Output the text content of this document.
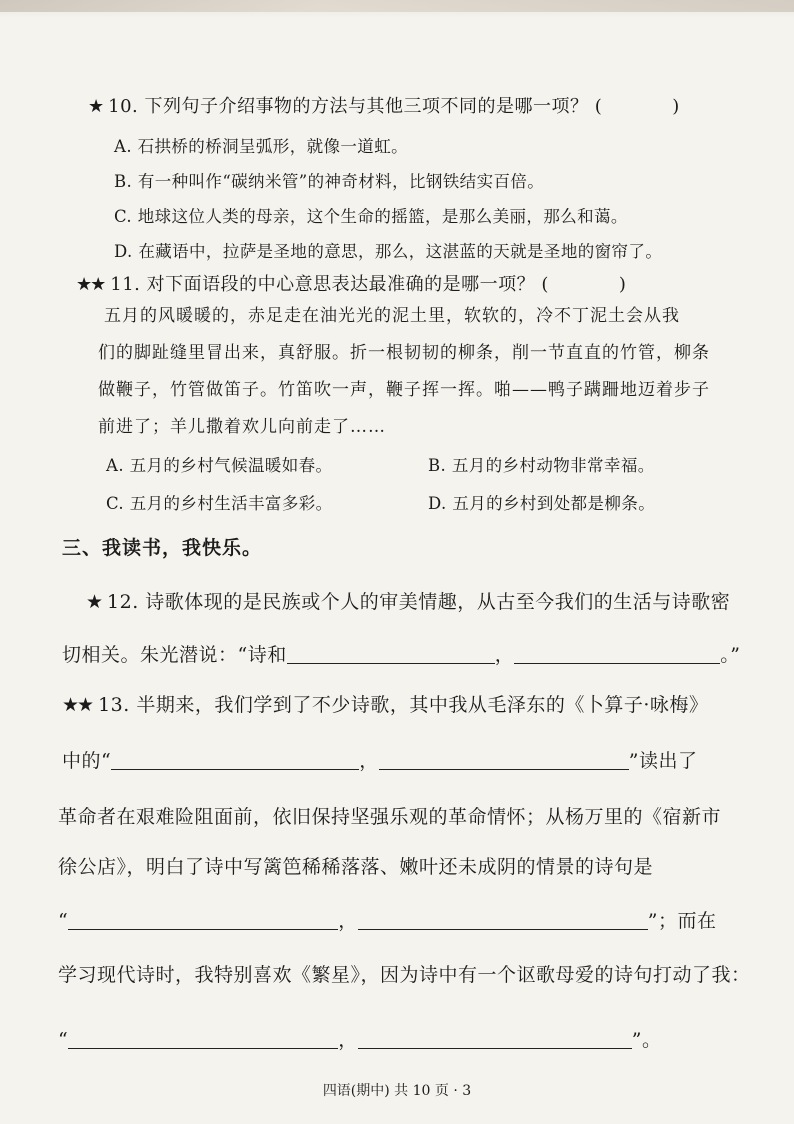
★ 10. 下列句子介绍事物的方法与其他三项不同的是哪一项？ (	)
A. 石拱桥的桥洞呈弧形，就像一道虹。
B. 有一种叫作“碳纳米管”的神奇材料，比钢铁结实百倍。
C. 地球这位人类的母亲，这个生命的摇篮，是那么美丽，那么和蔼。
D. 在藏语中，拉萨是圣地的意思，那么，这湛蓝的天就是圣地的窗帘了。
★★ 11. 对下面语段的中心意思表达最准确的是哪一项？ (	)

五月的风暖暖的，赤足走在油光光的泥土里，软软的，冷不丁泥土会从我

们的脚趾缝里冒出来，真舒服。折一根韧韧的柳条，削一节直直的竹管，柳条

做鞭子，竹管做笛子。竹笛吹一声，鞭子挥一挥。啪——鸭子蹒跚地迈着步子

前进了；羊儿撒着欢儿向前走了……

A. 五月的乡村气候温暖如春。	B. 五月的乡村动物非常幸福。
C. 五月的乡村生活丰富多彩。	D. 五月的乡村到处都是柳条。
三、我读书，我快乐。
★ 12. 诗歌体现的是民族或个人的审美情趣，从古至今我们的生活与诗歌密
切相关。朱光潜说：“诗和	，	。”
★★ 13. 半期来，我们学到了不少诗歌，其中我从毛泽东的《卜算子·咏梅》
中的“	，	”读出了
革命者在艰难险阻面前，依旧保持坚强乐观的革命情怀；从杨万里的《宿新市
徐公店》，明白了诗中写篱笆稀稀落落、嫩叶还未成阴的情景的诗句是
“	，	”；而在
学习现代诗时，我特别喜欢《繁星》，因为诗中有一个讴歌母爱的诗句打动了我：
“	，	”。
四语(期中) 共 10 页 · 3
